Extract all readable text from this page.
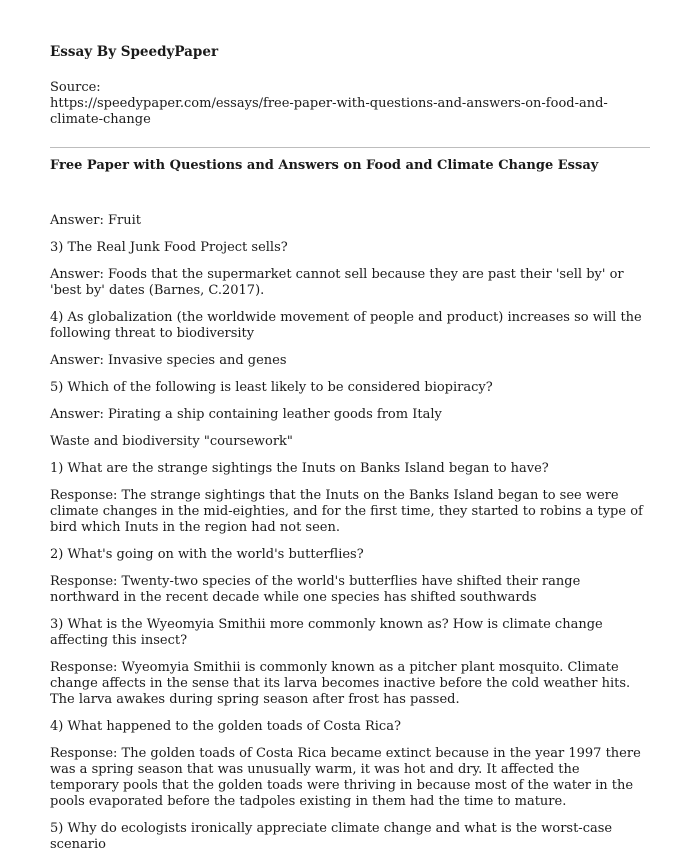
Essay By SpeedyPaper

Source:

https://speedypaper.com/essays/free-paper-with-questions-and-answers-on-food-and-climate-change

Free Paper with Questions and Answers on Food and Climate Change Essay

Answer: Fruit

3) The Real Junk Food Project sells?

Answer: Foods that the supermarket cannot sell because they are past their 'sell by' or 'best by' dates (Barnes, C.2017).

4) As globalization (the worldwide movement of people and product) increases so will the following threat to biodiversity

Answer: Invasive species and genes

5) Which of the following is least likely to be considered biopiracy?

Answer: Pirating a ship containing leather goods from Italy

Waste and biodiversity "coursework"

1) What are the strange sightings the Inuts on Banks Island began to have?

Response: The strange sightings that the Inuts on the Banks Island began to see were climate changes in the mid-eighties, and for the first time, they started to robins a type of bird which Inuts in the region had not seen.

2) What's going on with the world's butterflies?

Response: Twenty-two species of the world's butterflies have shifted their range northward in the recent decade while one species has shifted southwards

3) What is the Wyeomyia Smithii more commonly known as? How is climate change affecting this insect?

Response: Wyeomyia Smithii is commonly known as a pitcher plant mosquito. Climate change affects in the sense that its larva becomes inactive before the cold weather hits. The larva awakes during spring season after frost has passed.

4) What happened to the golden toads of Costa Rica?

Response: The golden toads of Costa Rica became extinct because in the year 1997 there was a spring season that was unusually warm, it was hot and dry. It affected the temporary pools that the golden toads were thriving in because most of the water in the pools evaporated before the tadpoles existing in them had the time to mature.

5) Why do ecologists ironically appreciate climate change and what is the worst-case scenario
